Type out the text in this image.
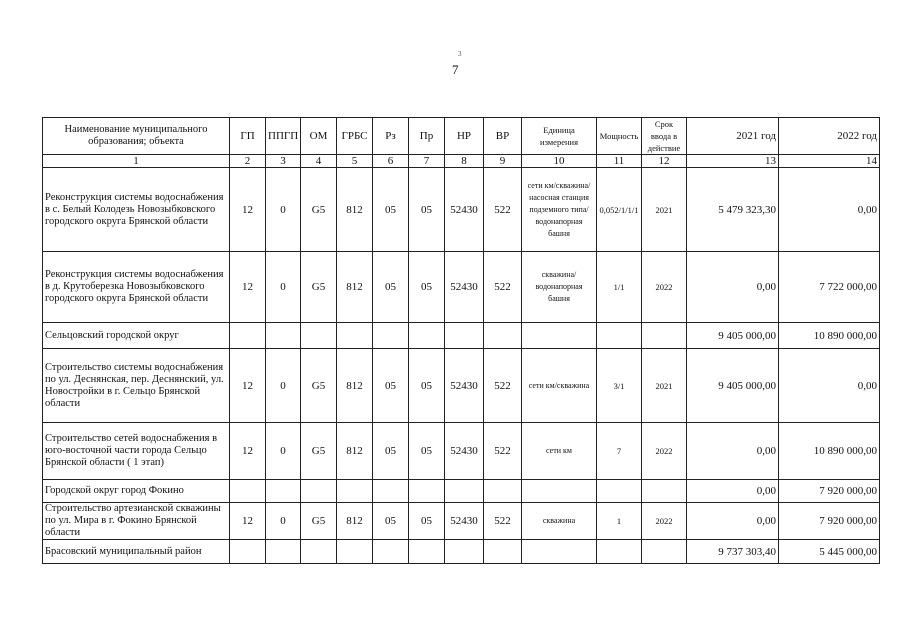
3
7
Наименование муниципального образования; объекта	ГП	ППГП	ОМ	ГРБС	Рз	Пр	НР	ВР	Единица измерения	Мощность	Срок ввода в действие	2021 год	2022 год
1	2	3	4	5	6	7	8	9	10	11	12	13	14
Реконструкция системы водоснабжения в с. Белый Колодезь Новозыбковского городского округа Брянской области	12	0	G5	812	05	05	52430	522	сети км/скважина/насосная станция подземного типа/водонапорная башня	0,052/1/1/1	2021	5 479 323,30	0,00
Реконструкция системы водоснабжения в д. Крутоберезка Новозыбковского городского округа Брянской области	12	0	G5	812	05	05	52430	522	скважина/водонапорная башня	1/1	2022	0,00	7 722 000,00
Сельцовский городской округ												9 405 000,00	10 890 000,00
Строительство системы водоснабжения по ул. Деснянская, пер. Деснянский, ул. Новостройки в г. Сельцо Брянской области	12	0	G5	812	05	05	52430	522	сети км/скважина	3/1	2021	9 405 000,00	0,00
Строительство сетей водоснабжения в юго-восточной части города Сельцо Брянской области ( 1 этап)	12	0	G5	812	05	05	52430	522	сети км	7	2022	0,00	10 890 000,00
Городской округ город Фокино												0,00	7 920 000,00
Строительство артезианской скважины по ул. Мира в г. Фокино Брянской области	12	0	G5	812	05	05	52430	522	скважина	1	2022	0,00	7 920 000,00
Брасовский муниципальный район												9 737 303,40	5 445 000,00
